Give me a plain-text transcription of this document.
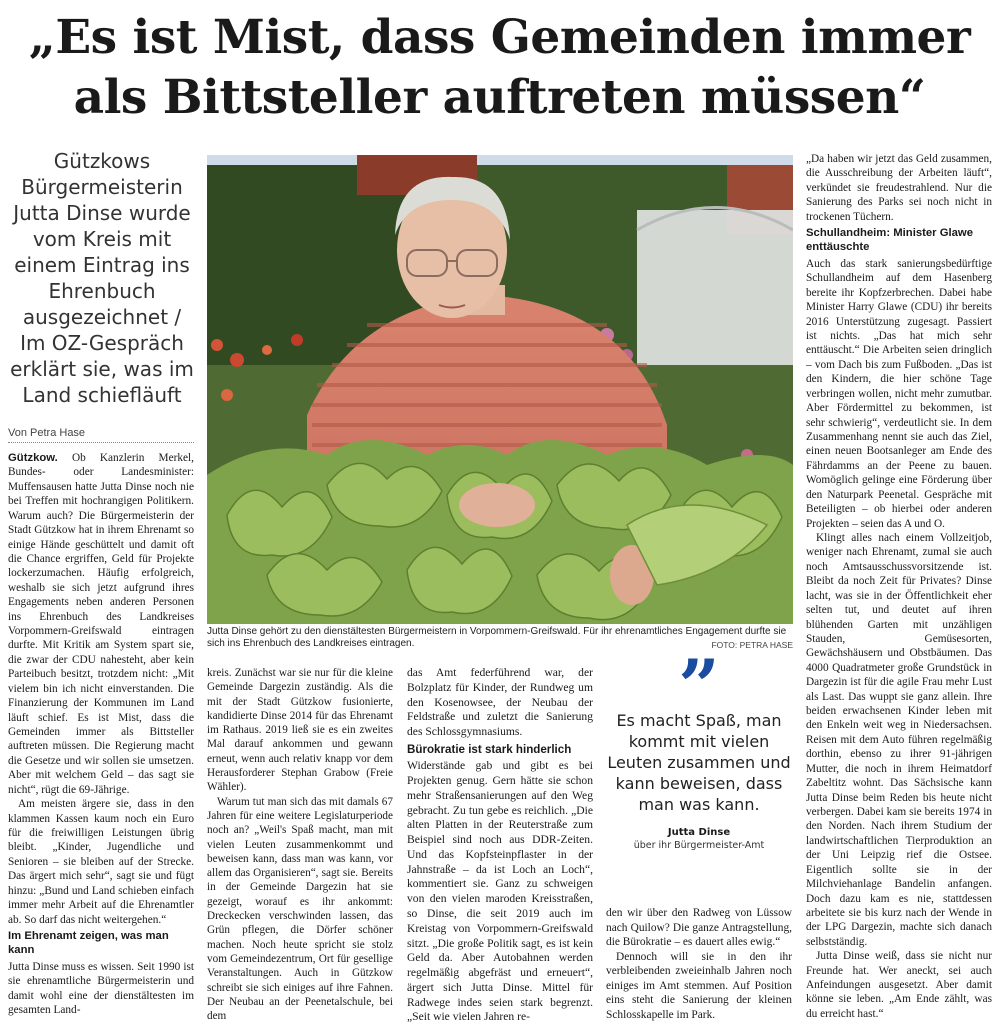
„Es ist Mist, dass Gemeinden immer
als Bittsteller auftreten müssen“
Gützkows Bürgermeisterin Jutta Dinse wurde vom Kreis mit einem Eintrag ins Ehrenbuch ausgezeichnet / Im OZ-Gespräch erklärt sie, was im Land schiefläuft
Von Petra Hase

Gützkow. Ob Kanzlerin Merkel, Bundes- oder Landesminister: Muffensausen hatte Jutta Dinse noch nie bei Treffen mit hochrangigen Politikern. Warum auch? Die Bürgermeisterin der Stadt Gützkow hat in ihrem Ehrenamt so einige Hände geschüttelt und damit oft die Chance ergriffen, Geld für Projekte lockerzumachen. Häufig erfolgreich, weshalb sie sich jetzt aufgrund ihres Engagements neben anderen Personen ins Ehrenbuch des Landkreises Vorpommern-Greifswald eintragen durfte. Mit Kritik am System spart sie, die zwar der CDU nahesteht, aber kein Parteibuch besitzt, trotzdem nicht: „Mit vielem bin ich nicht einverstanden. Die Finanzierung der Kommunen im Land läuft schief. Es ist Mist, dass die Gemeinden immer als Bittsteller auftreten müssen. Die Regierung macht die Gesetze und wir sollen sie umsetzen. Aber mit welchem Geld – das sagt sie nicht“, rügt die 69-Jährige.

Am meisten ärgere sie, dass in den klammen Kassen kaum noch ein Euro für die freiwilligen Leistungen übrig bleibt. „Kinder, Jugendliche und Senioren – sie bleiben auf der Strecke. Das ärgert mich sehr“, sagt sie und fügt hinzu: „Bund und Land schieben einfach immer mehr Arbeit auf die Ehrenamtler ab. So darf das nicht weitergehen.“

Im Ehrenamt zeigen, was man kann

Jutta Dinse muss es wissen. Seit 1990 ist sie ehrenamtliche Bürgermeisterin und damit wohl eine der dienstältesten im gesamten Land-

Jutta Dinse gehört zu den dienstältesten Bürgermeistern in Vorpommern-Greifswald. Für ihr ehrenamtliches Engagement durfte sie sich ins Ehrenbuch des Landkreises eintragen.	FOTO: PETRA HASE

kreis. Zunächst war sie nur für die kleine Gemeinde Dargezin zuständig. Als die mit der Stadt Gützkow fusionierte, kandidierte Dinse 2014 für das Ehrenamt im Rathaus. 2019 ließ sie es ein zweites Mal darauf ankommen und gewann erneut, wenn auch relativ knapp vor dem Herausforderer Stephan Grabow (Freie Wähler).

Warum tut man sich das mit damals 67 Jahren für eine weitere Legislaturperiode noch an? „Weil's Spaß macht, man mit vielen Leuten zusammenkommt und beweisen kann, dass man was kann, vor allem das Organisieren“, sagt sie. Bereits in der Gemeinde Dargezin hat sie gezeigt, worauf es ihr ankommt: Dreckecken verschwinden lassen, das Grün pflegen, die Dörfer schöner machen. Noch heute spricht sie stolz vom Gemeindezentrum, Ort für gesellige Veranstaltungen. Auch in Gützkow schreibt sie sich einiges auf ihre Fahnen. Der Neubau an der Peenetalschule, bei dem

das Amt federführend war, der Bolzplatz für Kinder, der Rundweg um den Kosenowsee, der Neubau der Feldstraße und zuletzt die Sanierung des Schlossgymnasiums.

Bürokratie ist stark hinderlich

Widerstände gab und gibt es bei Projekten genug. Gern hätte sie schon mehr Straßensanierungen auf den Weg gebracht. Zu tun gebe es reichlich. „Die alten Platten in der Reuterstraße zum Beispiel sind noch aus DDR-Zeiten. Und das Kopfsteinpflaster in der Jahnstraße – da ist Loch an Loch“, kommentiert sie. Ganz zu schweigen von den vielen maroden Kreisstraßen, so Dinse, die seit 2019 auch im Kreistag von Vorpommern-Greifswald sitzt. „Die große Politik sagt, es ist kein Geld da. Aber Autobahnen werden regelmäßig abgefräst und erneuert“, ärgert sich Jutta Dinse. Mittel für Radwege indes seien stark begrenzt. „Seit wie vielen Jahren re-

”
Es macht Spaß, man kommt mit vielen Leuten zusammen und kann beweisen, dass man was kann.
Jutta Dinse
über ihr Bürgermeister-Amt

den wir über den Radweg von Lüssow nach Quilow? Die ganze Antragstellung, die Bürokratie – es dauert alles ewig.“

Dennoch will sie in den ihr verbleibenden zweieinhalb Jahren noch einiges im Amt stemmen. Auf Position eins steht die Sanierung der kleinen Schlosskapelle im Park.

„Da haben wir jetzt das Geld zusammen, die Ausschreibung der Arbeiten läuft“, verkündet sie freudestrahlend. Nur die Sanierung des Parks sei noch nicht in trockenen Tüchern.

Schullandheim: Minister Glawe enttäuschte

Auch das stark sanierungsbedürftige Schullandheim auf dem Hasenberg bereite ihr Kopfzerbrechen. Dabei habe Minister Harry Glawe (CDU) ihr bereits 2016 Unterstützung zugesagt. Passiert ist nichts. „Das hat mich sehr enttäuscht.“ Die Arbeiten seien dringlich – vom Dach bis zum Fußboden. „Das ist den Kindern, die hier schöne Tage verbringen wollen, nicht mehr zumutbar. Aber Fördermittel zu bekommen, ist sehr schwierig“, verdeutlicht sie. In dem Zusammenhang nennt sie auch das Ziel, einen neuen Bootsanleger am Ende des Fährdamms an der Peene zu bauen. Womöglich gelinge eine Förderung über den Naturpark Peenetal. Gespräche mit Beteiligten – ob hierbei oder anderen Projekten – seien das A und O.

Klingt alles nach einem Vollzeitjob, weniger nach Ehrenamt, zumal sie auch noch Amtsausschussvorsitzende ist. Bleibt da noch Zeit für Privates? Dinse lacht, was sie in der Öffentlichkeit eher selten tut, und deutet auf ihren blühenden Garten mit unzähligen Stauden, Gemüsesorten, Gewächshäusern und Obstbäumen. Das 4000 Quadratmeter große Grundstück in Dargezin ist für die agile Frau mehr Lust als Last. Das wuppt sie ganz allein. Ihre beiden erwachsenen Kinder leben mit den Enkeln weit weg in Niedersachsen. Reisen mit dem Auto führen regelmäßig dorthin, ebenso zu ihrer 91-jährigen Mutter, die noch in ihrem Heimatdorf Zabeltitz wohnt. Das Sächsische kann Jutta Dinse beim Reden bis heute nicht verbergen. Dabei kam sie bereits 1974 in den Norden. Nach ihrem Studium der landwirtschaftlichen Tierproduktion an der Uni Leipzig rief die Ostsee. Eigentlich sollte sie in der Milchviehanlage Bandelin anfangen. Doch dazu kam es nie, stattdessen arbeitete sie bis kurz nach der Wende in der LPG Dargezin, machte sich danach selbstständig.

Jutta Dinse weiß, dass sie nicht nur Freunde hat. Wer aneckt, sei auch Anfeindungen ausgesetzt. Aber damit könne sie leben. „Am Ende zählt, was du erreicht hast.“
